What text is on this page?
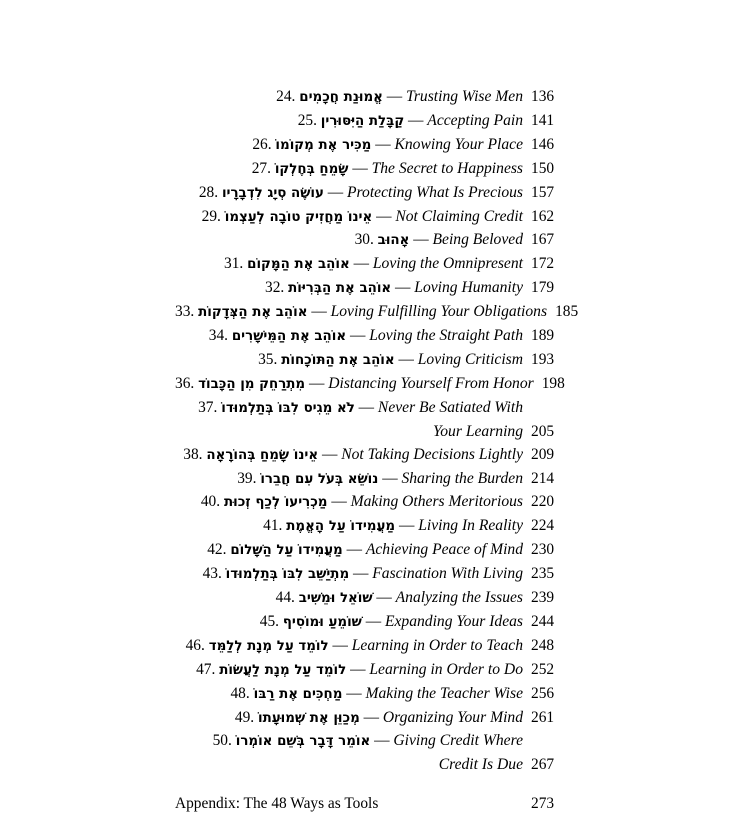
24. אֱמוּנַת חֲכָמִים — Trusting Wise Men 136
25. קַבָּלַת הַיִּסּוּרִין — Accepting Pain 141
26. מַכִּיר אֶת מְקוֹמוֹ — Knowing Your Place 146
27. שָׂמֵחַ בְּחֶלְקוֹ — The Secret to Happiness 150
28. עוֹשֶׂה סְיָג לִדְבָרָיו — Protecting What Is Precious 157
29. אֵינוֹ מַחֲזִיק טוֹבָה לְעַצְמוֹ — Not Claiming Credit 162
30. אָהוּב — Being Beloved 167
31. אוֹהֵב אֶת הַמָּקוֹם — Loving the Omnipresent 172
32. אוֹהֵב אֶת הַבְּרִיּוֹת — Loving Humanity 179
33. אוֹהֵב אֶת הַצְּדָקוֹת — Loving Fulfilling Your Obligations 185
34. אוֹהֵב אֶת הַמֵּישָׁרִים — Loving the Straight Path 189
35. אוֹהֵב אֶת הַתּוֹכָחוֹת — Loving Criticism 193
36. מִתְרַחֵק מִן הַכָּבוֹד — Distancing Yourself From Honor 198
37. לֹא מֵגִיס לִבּוֹ בְּתַלְמוּדוֹ — Never Be Satiated With
Your Learning 205
38. אֵינוֹ שָׂמֵחַ בְּהוֹרָאָה — Not Taking Decisions Lightly 209
39. נוֹשֵׂא בְּעֹל עִם חֲבֵרוֹ — Sharing the Burden 214
40. מַכְרִיעוֹ לְכַף זְכוּת — Making Others Meritorious 220
41. מַעֲמִידוֹ עַל הָאֱמֶת — Living In Reality 224
42. מַעֲמִידוֹ עַל הַשָּׁלוֹם — Achieving Peace of Mind 230
43. מִתְיַשֵּׁב לִבּוֹ בְּתַלְמוּדוֹ — Fascination With Living 235
44. שׁוֹאֵל וּמֵשִׁיב — Analyzing the Issues 239
45. שׁוֹמֵעַ וּמוֹסִיף — Expanding Your Ideas 244
46. לוֹמֵד עַל מְנָת לְלַמֵּד — Learning in Order to Teach 248
47. לוֹמֵד עַל מְנָת לַעֲשׂוֹת — Learning in Order to Do 252
48. מַחְכִּים אֶת רַבּוֹ — Making the Teacher Wise 256
49. מְכַוֵּן אֶת שְׁמוּעָתוֹ — Organizing Your Mind 261
50. אוֹמֵר דָּבָר בְּשֵׁם אוֹמְרוֹ — Giving Credit Where
Credit Is Due 267
Appendix: The 48 Ways as Tools	273
